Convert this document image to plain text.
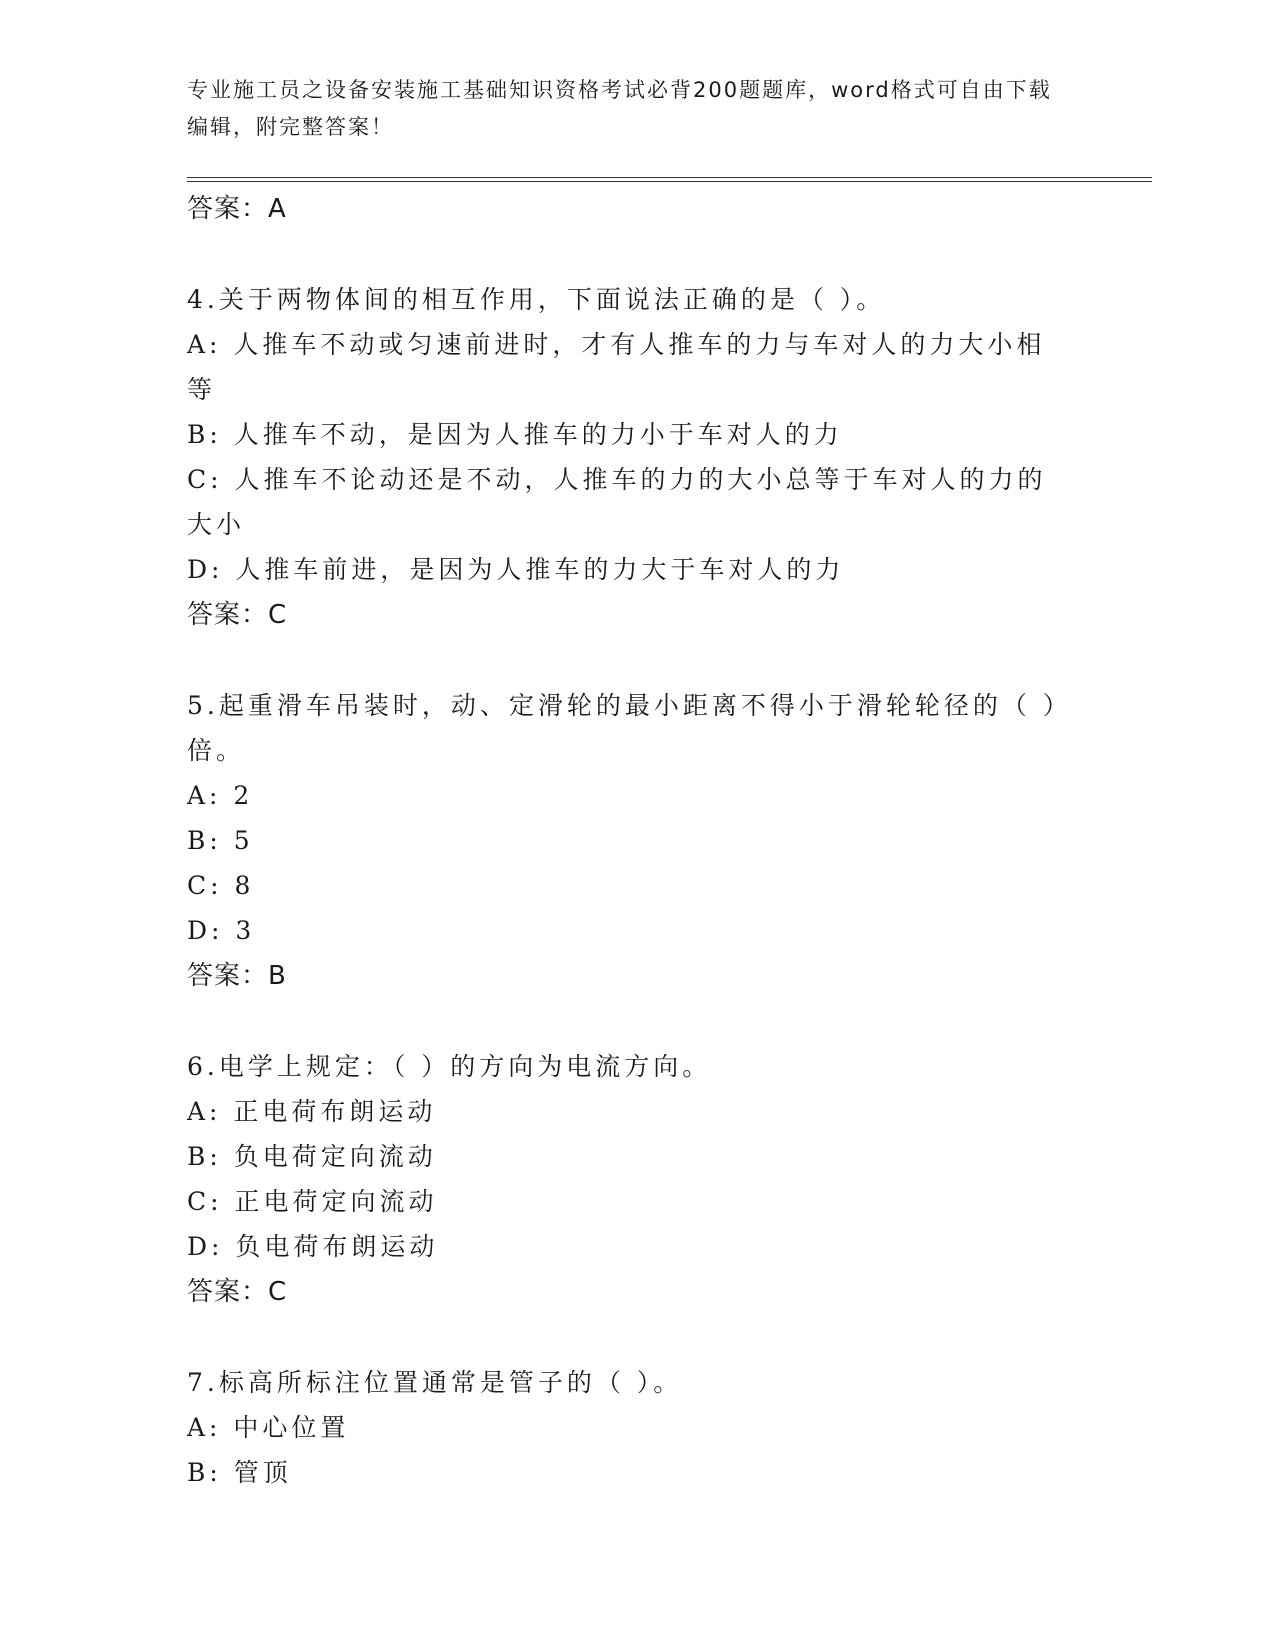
专业施工员之设备安装施工基础知识资格考试必背200题题库，word格式可自由下载编辑，附完整答案！
答案：A
4.关于两物体间的相互作用，下面说法正确的是（ ）。
A: 人推车不动或匀速前进时，才有人推车的力与车对人的力大小相等
B: 人推车不动，是因为人推车的力小于车对人的力
C: 人推车不论动还是不动，人推车的力的大小总等于车对人的力的大小
D: 人推车前进，是因为人推车的力大于车对人的力
答案：C
5.起重滑车吊装时，动、定滑轮的最小距离不得小于滑轮轮径的（ ）倍。
A: 2
B: 5
C: 8
D: 3
答案：B
6.电学上规定：（ ）的方向为电流方向。
A: 正电荷布朗运动
B: 负电荷定向流动
C: 正电荷定向流动
D: 负电荷布朗运动
答案：C
7.标高所标注位置通常是管子的（ ）。
A: 中心位置
B: 管顶
